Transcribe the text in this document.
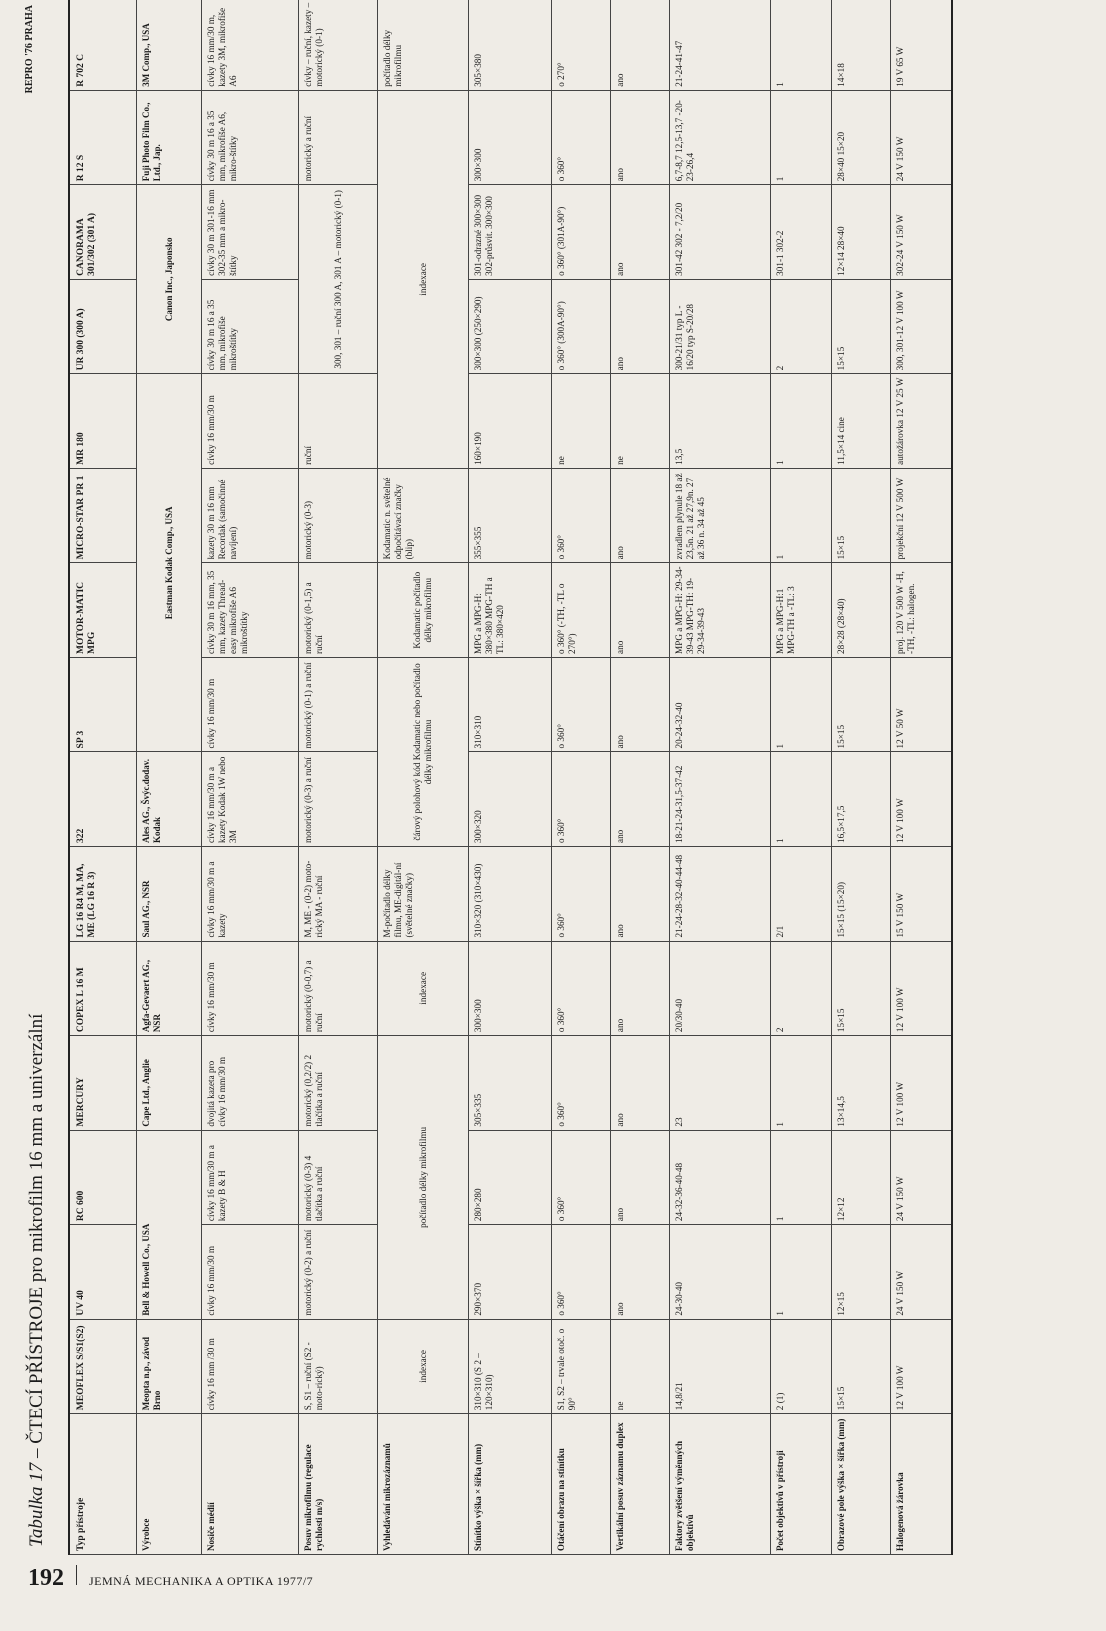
Tabulka 17 – ČTECÍ PŘÍSTROJE pro mikrofilm 16 mm a univerzální
REPRO '76 PRAHA
Typ přístroje	MEOFLEX S/S1(S2)	UV 40	RC 600	MERCURY	COPEX L 16 M	LG 16 R4 M, MA, ME (LG 16 R 3)	322	SP 3	MOTOR-MATIC MPG	MICRO-STAR PR 1	MR 180	UR 300 (300 A)	CANORAMA 301/302 (301 A)	R 12 S	R 702 C
Výrobce	Meopta n.p., závod Brno	Bell & Howell Co., USA		Cape Ltd., Anglie	Agfa-Gevaert AG., NSR	Saul AG., NSR	Ales AG., Švýc.dodav. Kodak	Eastman Kodak Comp., USA				Canon Inc., Japonsko		Fuji Photo Film Co., Ltd., Jap.	3M Comp., USA
Nosiče médií	cívky 16 mm /30 m	cívky 16 mm/30 m	cívky 16 mm/30 m a kazety B & H	dvojitá kazeta pro cívky 16 mm/30 m	cívky 16 mm/30 m	cívky 16 mm/30 m a kazety	cívky 16 mm/30 m a kazety Kodak 1W nebo 3M	cívky 16 mm/30 m	cívky 30 m 16 mm, 35 mm, kazety Thread-easy mikrofiše A6 mikroštítky	kazety 30 m 16 mm Recordak (samočinné navíjení)	cívky 16 mm/30 m	cívky 30 m 16 a 35 mm, mikrofiše mikroštítky	cívky 30 m 301-16 mm 302-35 mm a mikro-štítky	cívky 30 m 16 a 35 mm, mikrofiše A6, mikro-štítky	cívky 16 mm/30 m, kazety 3M, mikrofiše A6
Posuv mikrofilmu (regulace rychlosti m/s)	S, S1 – ruční (S2 - moto-rický)	motorický (0-2) a ruční	motorický (0-3) 4 tlačítka a ruční	motorický (0,2/2) 2 tlačítka a ruční	motorický (0-0,7) a ruční	M, ME - (0-2) moto-rický MA - ruční	motorický (0-3) a ruční	motorický (0-1) a ruční	motorický (0-1,5) a ruční	motorický (0-3)	ruční	300, 301 – ruční 300 A, 301 A – motorický (0-1)		motorický a ruční	cívky – ruční, kazety – motorický (0-1)
Vyhledávání mikrozáznamů	indexace	počítadlo délky mikrofilmu			indexace	M-počítadlo délky filmu, ME-digitál-ní (světelné značky)	čárový polohový kód Kodamatic nebo počítadlo délky mikrofilmu		Kodamatic počítadlo délky mikrofilmu	Kodamatic n. světelné odpočítávací značky (blip)	indexace				počítadlo délky mikrofilmu
Stínítko výška × šířka (mm)	310×310 (S 2 – 120×310)	290×370	280×280	305×335	300×300	310×320 (310×430)	300×320	310×310	MPG a MPG-H: 380×380 MPG-TH a TL: 380×420	355×355	160×190	300×300 (250×290)	301-odrazné 300×300 302-průsvit. 300×300	300×300	305×380
Otáčení obrazu na stínítku	S1, S2 – trvale otoč. o 90°	o 360°	o 360°	o 360°	o 360°	o 360°	o 360°	o 360°	o 360° (-TH, -TL o 270°)	o 360°	ne	o 360° (300A-90°)	o 360° (301A-90°)	o 360°	o 270°
Vertikální posuv záznamu duplex	ne	ano	ano	ano	ano	ano	ano	ano	ano	ano	ne	ano	ano	ano	ano
Faktory zvětšení výměnných objektivů	14,8/21	24-30-40	24-32-36-40-48	23	20/30-40	21-24-28-32-40-44-48	18-21-24-31,5-37-42	20-24-32-40	MPG a MPG-H: 29-34-39-43 MPG-TH: 19-29-34-39-43	zvradlem plynule 18 až 23,5n. 21 až 27,9n. 27 až 36 n. 34 až 45	13,5	300-21/31 typ L - 16/20 typ S-20/28	301-42 302 - 7,2/20	6,7-8,7 12,5-13,7 -20-23-26,4	21-24-41-47
Počet objektivů v přístroji	2 (1)	1	1	1	2	2/1	1	1	MPG a MPG-H:1 MPG-TH a -TL: 3	1	1	2	301-1 302-2	1	1
Obrazové pole výška × šířka (mm)	15×15	12×15	12×12	13×14,5	15×15	15×15 (15×20)	16,5×17,5	15×15	28×28 (28×40)	15×15	11,5×14 cine	15×15	12×14 28×40	28×40 15×20	14×18
Halogenová žárovka	12 V 100 W	24 V 150 W	24 V 150 W	12 V 100 W	12 V 100 W	15 V 150 W	12 V 100 W	12 V 50 W	proj. 120 V 500 W -H, -TH, -TL: halogen.	projekční 12 V 500 W	autožárovka 12 V 25 W	300, 301-12 V 100 W	302-24 V 150 W	24 V 150 W	19 V 65 W
192 JEMNÁ MECHANIKA A OPTIKA 1977/7
